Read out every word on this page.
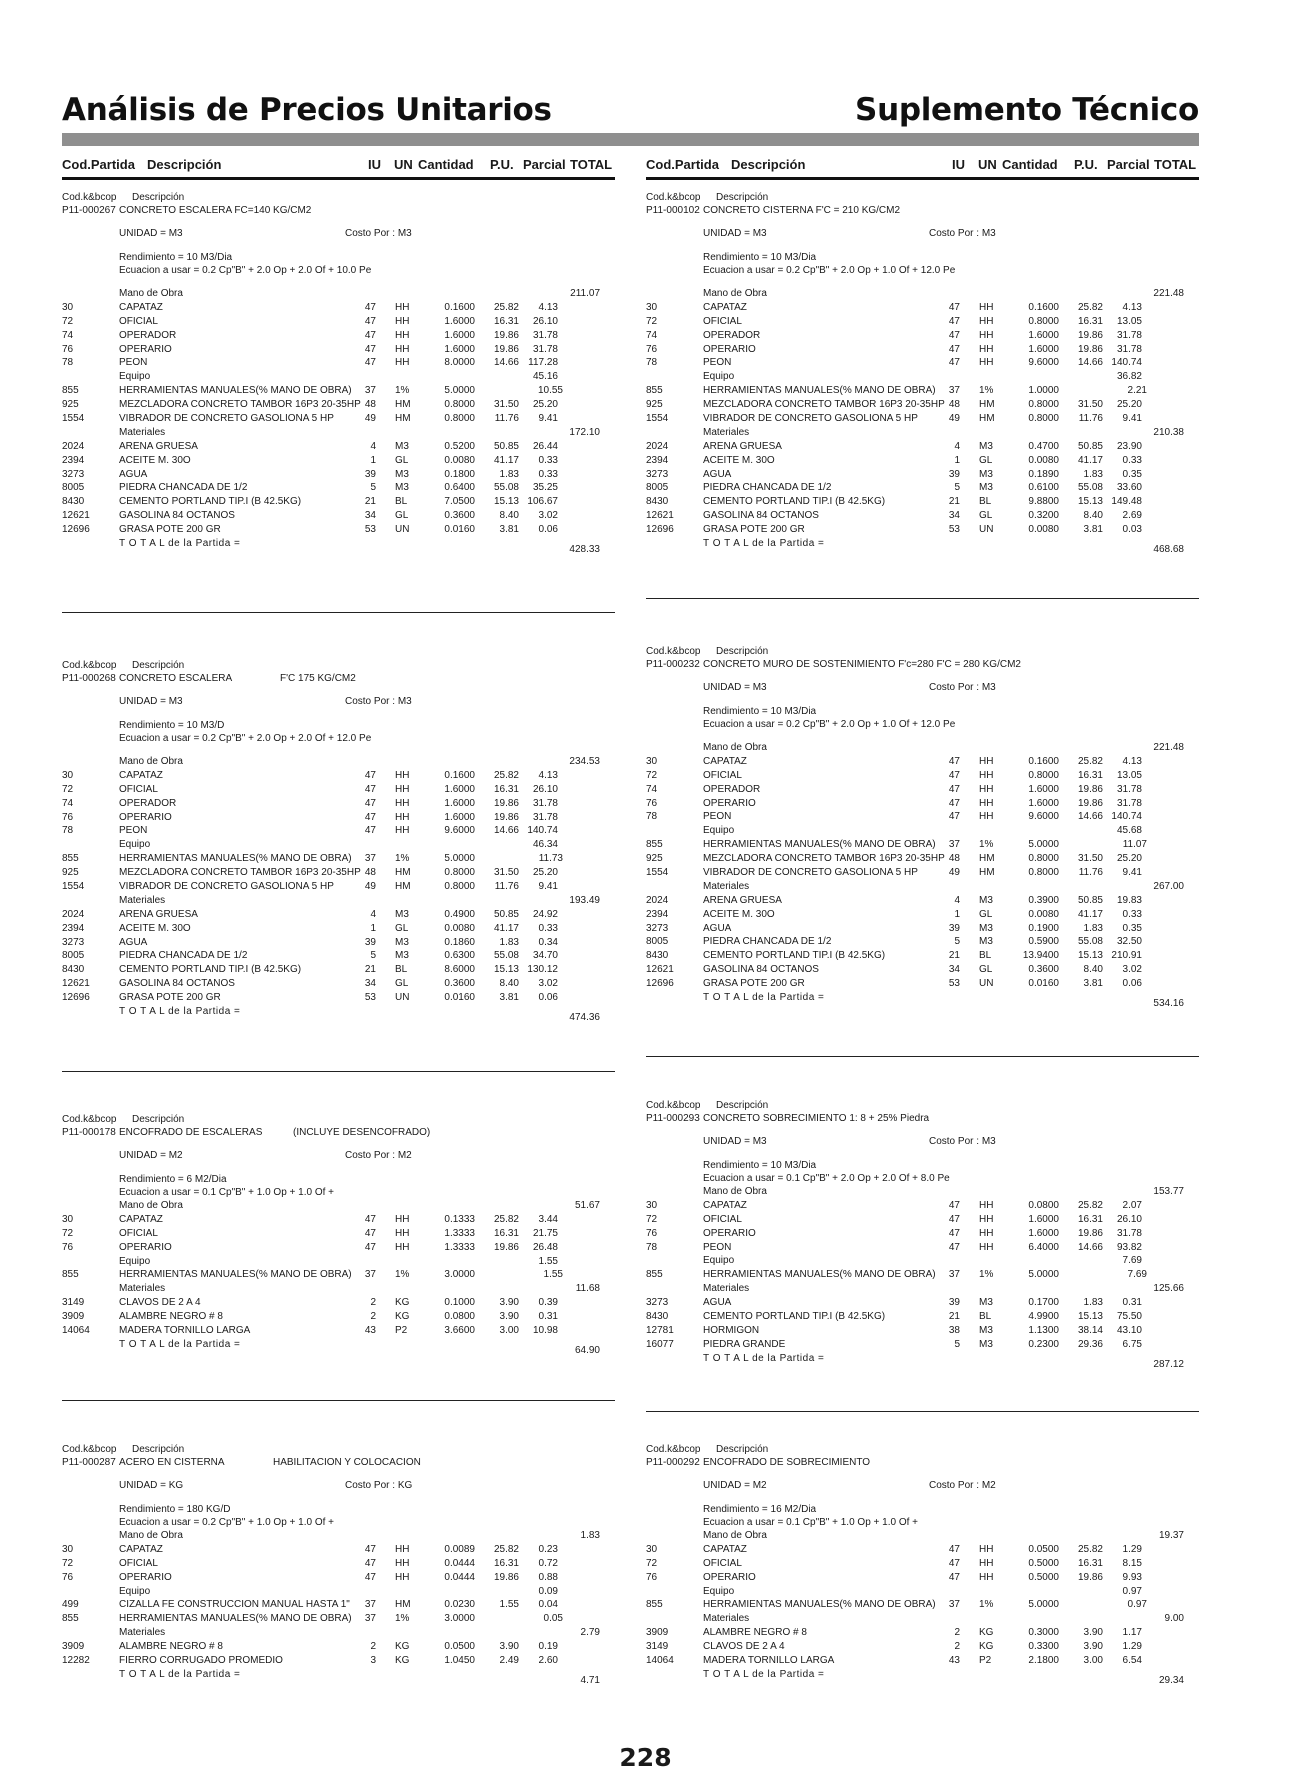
Análisis de Precios Unitarios	Suplemento Técnico
Cod.Partida Descripción	IU UN Cantidad P.U. Parcial TOTAL	Cod.Partida Descripción	IU UN Cantidad P.U. Parcial TOTAL
Cod.k&bcop Descripción
P11-000267 CONCRETO ESCALERA FC=140 KG/CM2
UNIDAD = M3	Costo Por : M3
Rendimiento = 10 M3/Dia
Ecuacion a usar = 0.2 Cp"B" + 2.0 Op + 2.0 Of + 10.0 Pe
Mano de Obra	211.07
30	CAPATAZ	47 HH	0.1600	25.82	4.13
72	OFICIAL	47 HH	1.6000	16.31	26.10
74	OPERADOR	47 HH	1.6000	19.86	31.78
76	OPERARIO	47 HH	1.6000	19.86	31.78
78	PEON	47 HH	8.0000	14.66 117.28
Equipo	45.16
855	HERRAMIENTAS MANUALES(% MANO DE OBRA) 37 1%	5.0000	10.55
925	MEZCLADORA CONCRETO TAMBOR 16P3 20-35HP 48 HM	0.8000	31.50	25.20
1554	VIBRADOR DE CONCRETO GASOLIONA 5 HP	49 HM	0.8000	11.76	9.41
Materiales	172.10
2024	ARENA GRUESA	4 M3	0.5200	50.85	26.44
2394	ACEITE M. 30O	1 GL	0.0080	41.17	0.33
3273	AGUA	39 M3	0.1800	1.83	0.33
8005	PIEDRA CHANCADA DE 1/2	5 M3	0.6400	55.08	35.25
8430	CEMENTO PORTLAND TIP.I (B 42.5KG)	21 BL	7.0500	15.13 106.67
12621	GASOLINA 84 OCTANOS	34 GL	0.3600	8.40	3.02
12696	GRASA POTE 200 GR	53 UN	0.0160	3.81	0.06
T O T A L de la Partida =
428.33
Cod.k&bcop Descripción
P11-000102 CONCRETO CISTERNA F'C = 210 KG/CM2
UNIDAD = M3	Costo Por : M3
Rendimiento = 10 M3/Dia
Ecuacion a usar = 0.2 Cp"B" + 2.0 Op + 1.0 Of + 12.0 Pe
Mano de Obra	221.48
30	CAPATAZ	47 HH	0.1600	25.82	4.13
72	OFICIAL	47 HH	0.8000	16.31	13.05
74	OPERADOR	47 HH	1.6000	19.86	31.78
76	OPERARIO	47 HH	1.6000	19.86	31.78
78	PEON	47 HH	9.6000	14.66 140.74
Equipo	36.82
855	HERRAMIENTAS MANUALES(% MANO DE OBRA) 37 1%	1.0000	2.21
925	MEZCLADORA CONCRETO TAMBOR 16P3 20-35HP 48 HM	0.8000	31.50	25.20
1554	VIBRADOR DE CONCRETO GASOLIONA 5 HP	49 HM	0.8000	11.76	9.41
Materiales	210.38
2024	ARENA GRUESA	4 M3	0.4700	50.85	23.90
2394	ACEITE M. 30O	1 GL	0.0080	41.17	0.33
3273	AGUA	39 M3	0.1890	1.83	0.35
8005	PIEDRA CHANCADA DE 1/2	5 M3	0.6100	55.08	33.60
8430	CEMENTO PORTLAND TIP.I (B 42.5KG)	21 BL	9.8800	15.13 149.48
12621	GASOLINA 84 OCTANOS	34 GL	0.3200	8.40	2.69
12696	GRASA POTE 200 GR	53 UN	0.0080	3.81	0.03
T O T A L de la Partida =
468.68
Cod.k&bcop Descripción
P11-000268 CONCRETO ESCALERA	F'C 175 KG/CM2
UNIDAD = M3	Costo Por : M3
Rendimiento = 10 M3/D
Ecuacion a usar = 0.2 Cp"B" + 2.0 Op + 2.0 Of + 12.0 Pe
Mano de Obra	234.53
30	CAPATAZ	47 HH	0.1600	25.82	4.13
72	OFICIAL	47 HH	1.6000	16.31	26.10
74	OPERADOR	47 HH	1.6000	19.86	31.78
76	OPERARIO	47 HH	1.6000	19.86	31.78
78	PEON	47 HH	9.6000	14.66 140.74
Equipo	46.34
855	HERRAMIENTAS MANUALES(% MANO DE OBRA) 37 1%	5.0000	11.73
925	MEZCLADORA CONCRETO TAMBOR 16P3 20-35HP 48 HM	0.8000	31.50	25.20
1554	VIBRADOR DE CONCRETO GASOLIONA 5 HP	49 HM	0.8000	11.76	9.41
Materiales	193.49
2024	ARENA GRUESA	4 M3	0.4900	50.85	24.92
2394	ACEITE M. 30O	1 GL	0.0080	41.17	0.33
3273	AGUA	39 M3	0.1860	1.83	0.34
8005	PIEDRA CHANCADA DE 1/2	5 M3	0.6300	55.08	34.70
8430	CEMENTO PORTLAND TIP.I (B 42.5KG)	21 BL	8.6000	15.13 130.12
12621	GASOLINA 84 OCTANOS	34 GL	0.3600	8.40	3.02
12696	GRASA POTE 200 GR	53 UN	0.0160	3.81	0.06
T O T A L de la Partida =
474.36
Cod.k&bcop Descripción
P11-000232 CONCRETO MURO DE SOSTENIMIENTO F'c=280 F'C = 280 KG/CM2
UNIDAD = M3	Costo Por : M3
Rendimiento = 10 M3/Dia
Ecuacion a usar = 0.2 Cp"B" + 2.0 Op + 1.0 Of + 12.0 Pe
Mano de Obra	221.48
30	CAPATAZ	47 HH	0.1600	25.82	4.13
72	OFICIAL	47 HH	0.8000	16.31	13.05
74	OPERADOR	47 HH	1.6000	19.86	31.78
76	OPERARIO	47 HH	1.6000	19.86	31.78
78	PEON	47 HH	9.6000	14.66 140.74
Equipo	45.68
855	HERRAMIENTAS MANUALES(% MANO DE OBRA) 37 1%	5.0000	11.07
925	MEZCLADORA CONCRETO TAMBOR 16P3 20-35HP 48 HM	0.8000	31.50	25.20
1554	VIBRADOR DE CONCRETO GASOLIONA 5 HP	49 HM	0.8000	11.76	9.41
Materiales	267.00
2024	ARENA GRUESA	4 M3	0.3900	50.85	19.83
2394	ACEITE M. 30O	1 GL	0.0080	41.17	0.33
3273	AGUA	39 M3	0.1900	1.83	0.35
8005	PIEDRA CHANCADA DE 1/2	5 M3	0.5900	55.08	32.50
8430	CEMENTO PORTLAND TIP.I (B 42.5KG)	21 BL	13.9400	15.13 210.91
12621	GASOLINA 84 OCTANOS	34 GL	0.3600	8.40	3.02
12696	GRASA POTE 200 GR	53 UN	0.0160	3.81	0.06
T O T A L de la Partida =
534.16
Cod.k&bcop Descripción
P11-000178 ENCOFRADO DE ESCALERAS	(INCLUYE DESENCOFRADO)
UNIDAD = M2	Costo Por : M2
Rendimiento = 6 M2/Dia
Ecuacion a usar = 0.1 Cp"B" + 1.0 Op + 1.0 Of +
Mano de Obra	51.67
30	CAPATAZ	47 HH	0.1333	25.82	3.44
72	OFICIAL	47 HH	1.3333	16.31	21.75
76	OPERARIO	47 HH	1.3333	19.86	26.48
Equipo	1.55
855	HERRAMIENTAS MANUALES(% MANO DE OBRA) 37 1%	3.0000	1.55
Materiales	11.68
3149	CLAVOS DE 2 A 4	2 KG	0.1000	3.90	0.39
3909	ALAMBRE NEGRO # 8	2 KG	0.0800	3.90	0.31
14064	MADERA TORNILLO LARGA	43 P2	3.6600	3.00	10.98
T O T A L de la Partida =
64.90
Cod.k&bcop Descripción
P11-000293 CONCRETO SOBRECIMIENTO 1: 8 + 25% Piedra
UNIDAD = M3	Costo Por : M3
Rendimiento = 10 M3/Dia
Ecuacion a usar = 0.1 Cp"B" + 2.0 Op + 2.0 Of + 8.0 Pe
Mano de Obra	153.77
30	CAPATAZ	47 HH	0.0800	25.82	2.07
72	OFICIAL	47 HH	1.6000	16.31	26.10
76	OPERARIO	47 HH	1.6000	19.86	31.78
78	PEON	47 HH	6.4000	14.66	93.82
Equipo	7.69
855	HERRAMIENTAS MANUALES(% MANO DE OBRA) 37 1%	5.0000	7.69
Materiales	125.66
3273	AGUA	39 M3	0.1700	1.83	0.31
8430	CEMENTO PORTLAND TIP.I (B 42.5KG)	21 BL	4.9900	15.13	75.50
12781	HORMIGON	38 M3	1.1300	38.14	43.10
16077	PIEDRA GRANDE	5 M3	0.2300	29.36	6.75
T O T A L de la Partida =
287.12
Cod.k&bcop Descripción
P11-000287 ACERO EN CISTERNA	HABILITACION Y COLOCACION
UNIDAD = KG	Costo Por : KG
Rendimiento = 180 KG/D
Ecuacion a usar = 0.2 Cp"B" + 1.0 Op + 1.0 Of +
Mano de Obra	1.83
30	CAPATAZ	47 HH	0.0089	25.82	0.23
72	OFICIAL	47 HH	0.0444	16.31	0.72
76	OPERARIO	47 HH	0.0444	19.86	0.88
Equipo	0.09
499	CIZALLA FE CONSTRUCCION MANUAL HASTA 1" 37 HM	0.0230	1.55	0.04
855	HERRAMIENTAS MANUALES(% MANO DE OBRA) 37 1%	3.0000	0.05
Materiales	2.79
3909	ALAMBRE NEGRO # 8	2 KG	0.0500	3.90	0.19
12282	FIERRO CORRUGADO PROMEDIO	3 KG	1.0450	2.49	2.60
T O T A L de la Partida =
4.71
Cod.k&bcop Descripción
P11-000292 ENCOFRADO DE SOBRECIMIENTO
UNIDAD = M2	Costo Por : M2
Rendimiento = 16 M2/Dia
Ecuacion a usar = 0.1 Cp"B" + 1.0 Op + 1.0 Of +
Mano de Obra	19.37
30	CAPATAZ	47 HH	0.0500	25.82	1.29
72	OFICIAL	47 HH	0.5000	16.31	8.15
76	OPERARIO	47 HH	0.5000	19.86	9.93
Equipo	0.97
855	HERRAMIENTAS MANUALES(% MANO DE OBRA) 37 1%	5.0000	0.97
Materiales	9.00
3909	ALAMBRE NEGRO # 8	2 KG	0.3000	3.90	1.17
3149	CLAVOS DE 2 A 4	2 KG	0.3300	3.90	1.29
14064	MADERA TORNILLO LARGA	43 P2	2.1800	3.00	6.54
T O T A L de la Partida =
29.34
228
